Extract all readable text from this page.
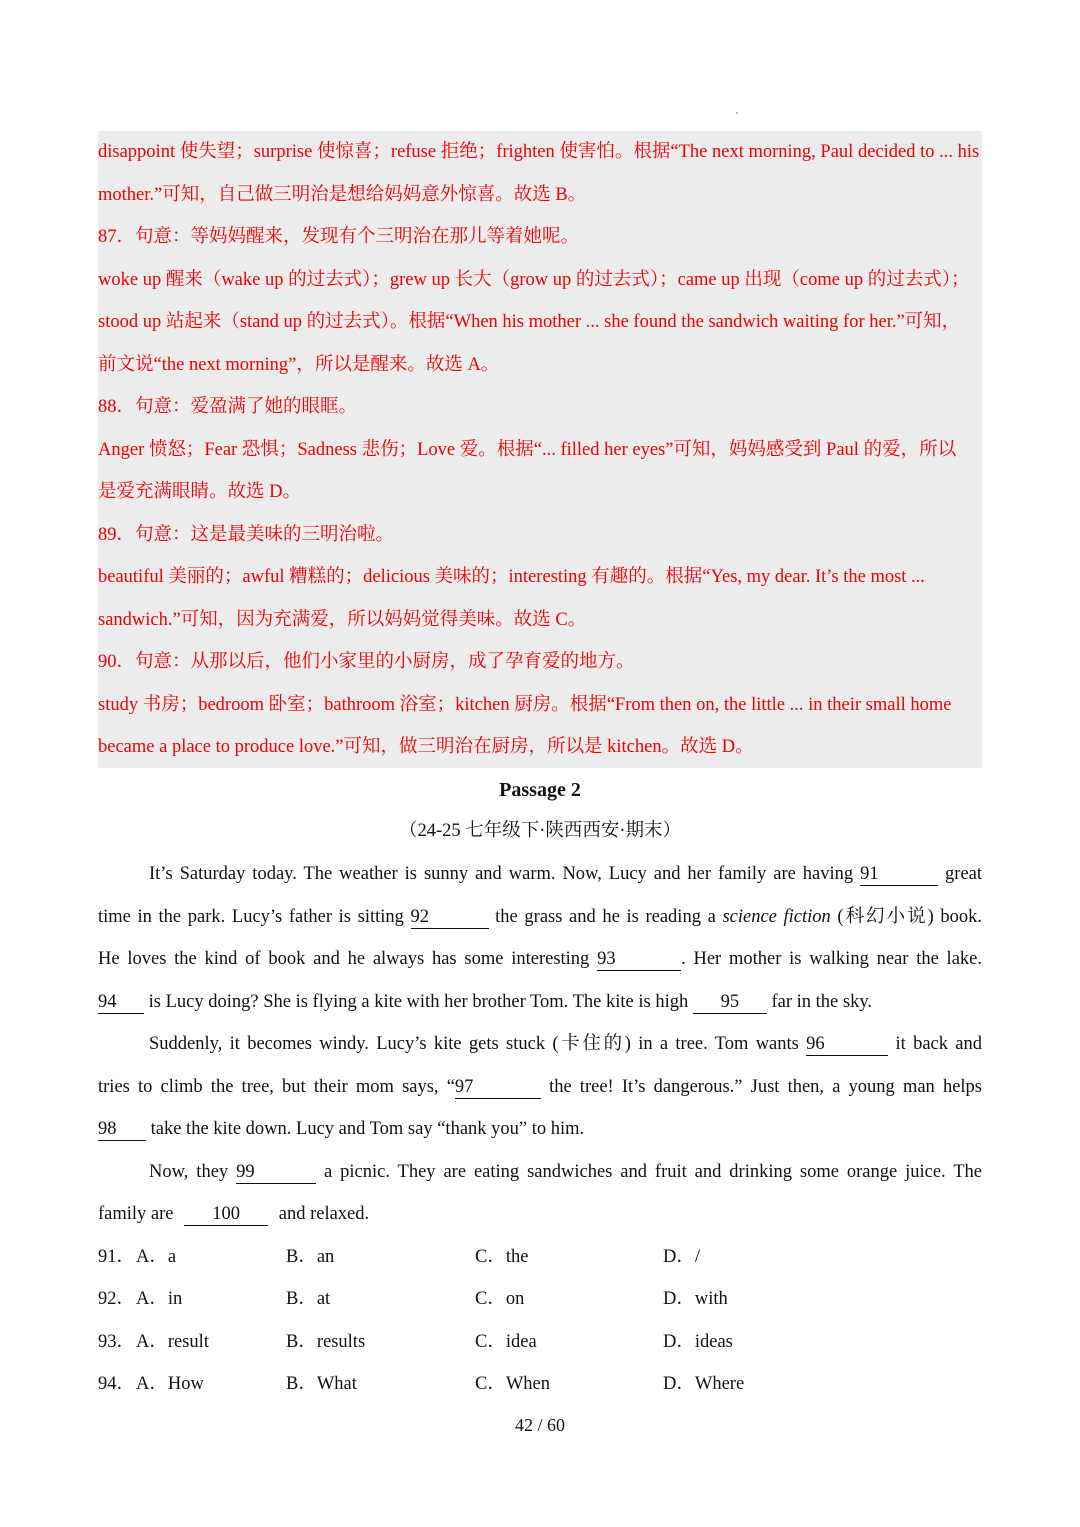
disappoint 使失望；surprise 使惊喜；refuse 拒绝；frighten 使害怕。根据“The next morning, Paul decided to ... his
mother.”可知，自己做三明治是想给妈妈意外惊喜。故选 B。
87．句意：等妈妈醒来，发现有个三明治在那儿等着她呢。
woke up 醒来（wake up 的过去式）；grew up 长大（grow up 的过去式）；came up 出现（come up 的过去式）；
stood up 站起来（stand up 的过去式）。根据“When his mother ... she found the sandwich waiting for her.”可知，
前文说“the next morning”，所以是醒来。故选 A。
88．句意：爱盈满了她的眼眶。
Anger 愤怒；Fear 恐惧；Sadness 悲伤；Love 爱。根据“... filled her eyes”可知，妈妈感受到 Paul 的爱，所以
是爱充满眼睛。故选 D。
89．句意：这是最美味的三明治啦。
beautiful 美丽的；awful 糟糕的；delicious 美味的；interesting 有趣的。根据“Yes, my dear. It’s the most ...
sandwich.”可知，因为充满爱，所以妈妈觉得美味。故选 C。
90．句意：从那以后，他们小家里的小厨房，成了孕育爱的地方。
study 书房；bedroom 卧室；bathroom 浴室；kitchen 厨房。根据“From then on, the little ... in their small home
became a place to produce love.”可知，做三明治在厨房，所以是 kitchen。故选 D。
Passage 2
（24-25 七年级下·陕西西安·期末）
It’s Saturday today. The weather is sunny and warm. Now, Lucy and her family are having 91	great
time in the park. Lucy’s father is sitting 92	the grass and he is reading a science fiction (科幻小说) book.
He loves the kind of book and he always has some interesting 93	. Her mother is walking near the lake.
94 is Lucy doing? She is flying a kite with her brother Tom. The kite is high 95 far in the sky.
Suddenly, it becomes windy. Lucy’s kite gets stuck (卡住的) in a tree. Tom wants 96	it back and
tries to climb the tree, but their mom says, “97	the tree! It’s dangerous.” Just then, a young man helps
98 take the kite down. Lucy and Tom say “thank you” to him.
Now, they 99	a picnic. They are eating sandwiches and fruit and drinking some orange juice. The
family are 100 and relaxed.
91． A．a	B．an	C．the	D．/
92． A．in	B．at	C．on	D．with
93． A．result	B．results	C．idea	D．ideas
94． A．How	B．What	C．When	D．Where
42 / 60
